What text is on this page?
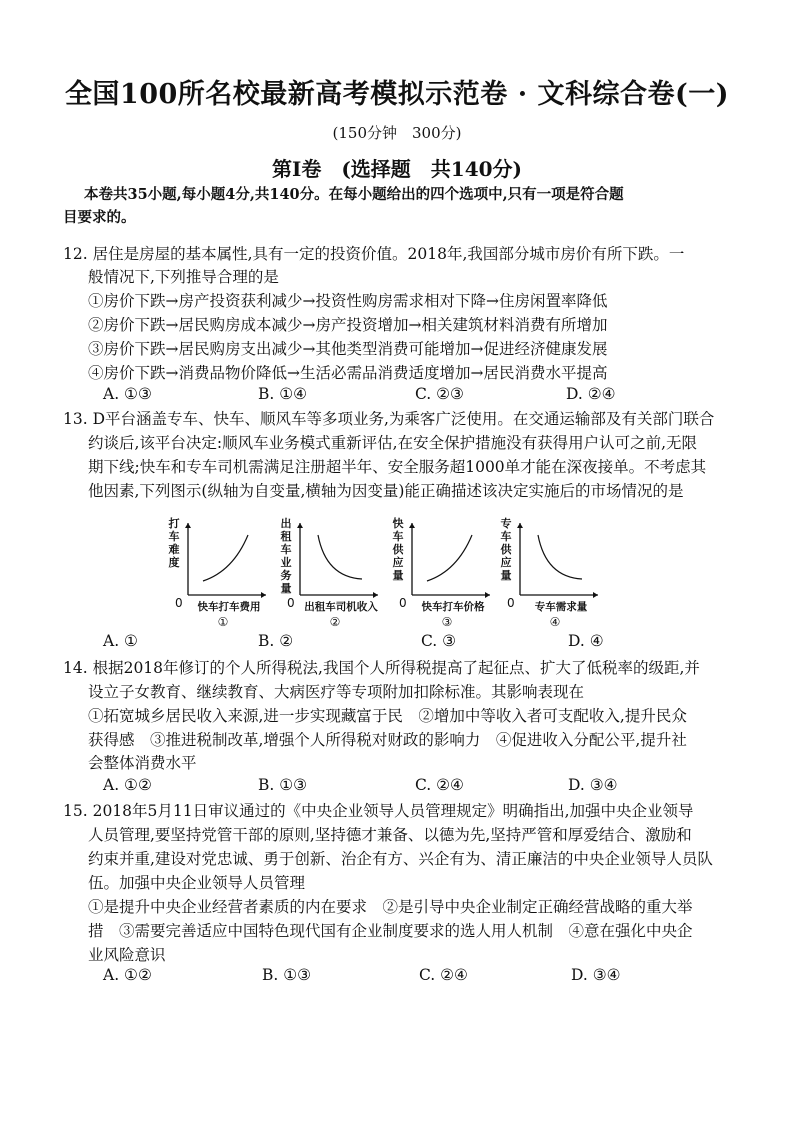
全国100所名校最新高考模拟示范卷 · 文科综合卷(一)
(150分钟　300分)
第Ⅰ卷　(选择题　共140分)
本卷共35小题,每小题4分,共140分。在每小题给出的四个选项中,只有一项是符合题
目要求的。
12. 居住是房屋的基本属性,具有一定的投资价值。2018年,我国部分城市房价有所下跌。一
般情况下,下列推导合理的是
①房价下跌→房产投资获利减少→投资性购房需求相对下降→住房闲置率降低
②房价下跌→居民购房成本减少→房产投资增加→相关建筑材料消费有所增加
③房价下跌→居民购房支出减少→其他类型消费可能增加→促进经济健康发展
④房价下跌→消费品物价降低→生活必需品消费适度增加→居民消费水平提高
A. ①③	B. ①④	C. ②③	D. ②④
13. D平台涵盖专车、快车、顺风车等多项业务,为乘客广泛使用。在交通运输部及有关部门联合
约谈后,该平台决定:顺风车业务模式重新评估,在安全保护措施没有获得用户认可之前,无限
期下线;快车和专车司机需满足注册超半年、安全服务超1000单才能在深夜接单。不考虑其
他因素,下列图示(纵轴为自变量,横轴为因变量)能正确描述该决定实施后的市场情况的是
0
打车难度
快车打车费用
①
0
出租车业务量
出租车司机收入
②
0
快车供应量
快车打车价格
③
0
专车供应量
专车需求量
④
A. ①	B. ②	C. ③	D. ④
14. 根据2018年修订的个人所得税法,我国个人所得税提高了起征点、扩大了低税率的级距,并
设立子女教育、继续教育、大病医疗等专项附加扣除标准。其影响表现在
①拓宽城乡居民收入来源,进一步实现藏富于民　②增加中等收入者可支配收入,提升民众
获得感　③推进税制改革,增强个人所得税对财政的影响力　④促进收入分配公平,提升社
会整体消费水平
A. ①②	B. ①③	C. ②④	D. ③④
15. 2018年5月11日审议通过的《中央企业领导人员管理规定》明确指出,加强中央企业领导
人员管理,要坚持党管干部的原则,坚持德才兼备、以德为先,坚持严管和厚爱结合、激励和
约束并重,建设对党忠诚、勇于创新、治企有方、兴企有为、清正廉洁的中央企业领导人员队
伍。加强中央企业领导人员管理
①是提升中央企业经营者素质的内在要求　②是引导中央企业制定正确经营战略的重大举
措　③需要完善适应中国特色现代国有企业制度要求的选人用人机制　④意在强化中央企
业风险意识
A. ①②	B. ①③	C. ②④	D. ③④
